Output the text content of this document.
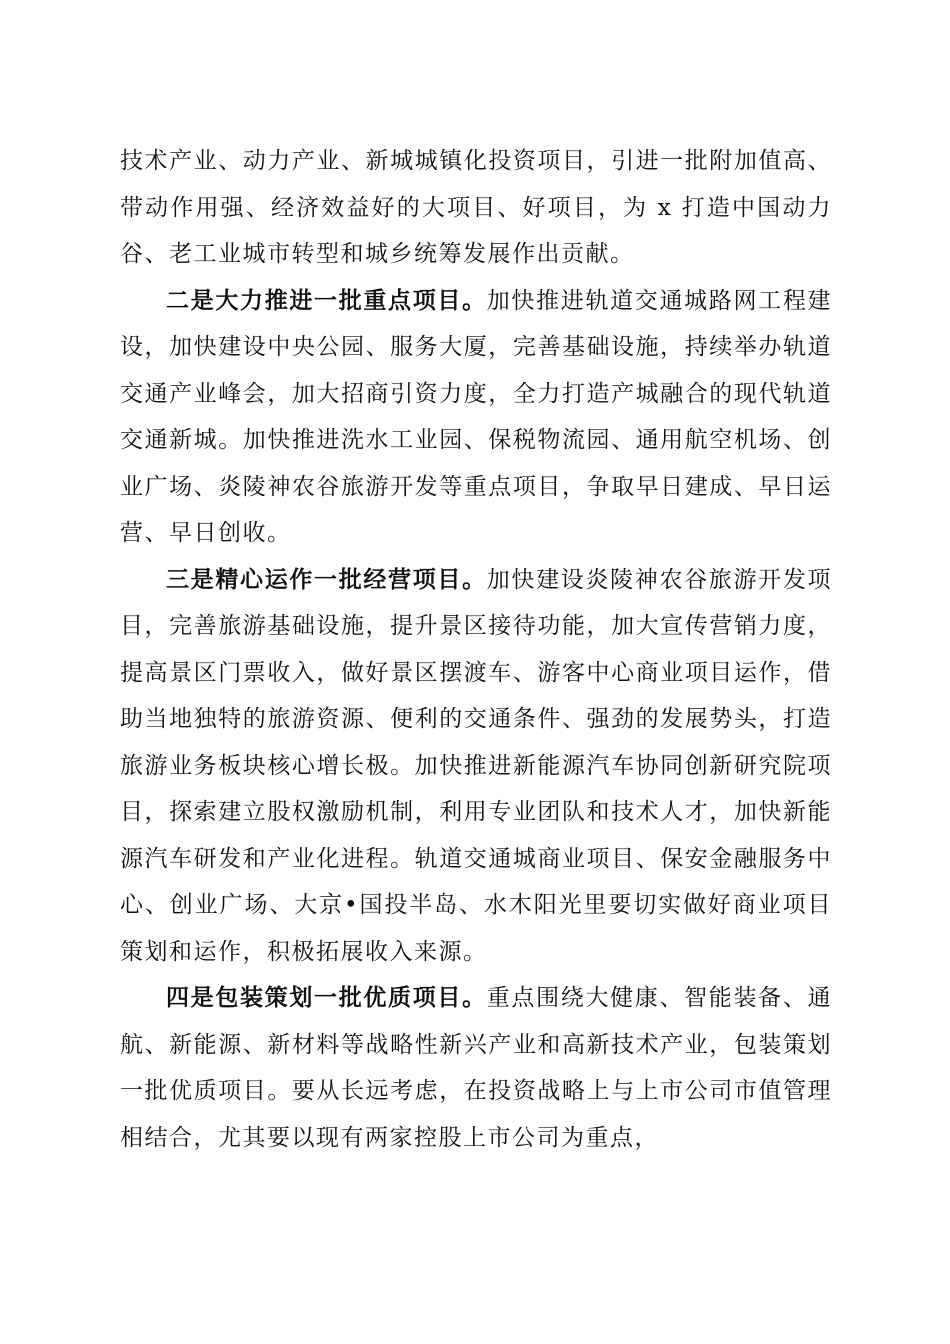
技术产业、动力产业、新城城镇化投资项目，引进一批附加值高、带动作用强、经济效益好的大项目、好项目，为 x 打造中国动力谷、老工业城市转型和城乡统筹发展作出贡献。

二是大力推进一批重点项目。加快推进轨道交通城路网工程建设，加快建设中央公园、服务大厦，完善基础设施，持续举办轨道交通产业峰会，加大招商引资力度，全力打造产城融合的现代轨道交通新城。加快推进洗水工业园、保税物流园、通用航空机场、创业广场、炎陵神农谷旅游开发等重点项目，争取早日建成、早日运营、早日创收。

三是精心运作一批经营项目。加快建设炎陵神农谷旅游开发项目，完善旅游基础设施，提升景区接待功能，加大宣传营销力度，提高景区门票收入，做好景区摆渡车、游客中心商业项目运作，借助当地独特的旅游资源、便利的交通条件、强劲的发展势头，打造旅游业务板块核心增长极。加快推进新能源汽车协同创新研究院项目，探索建立股权激励机制，利用专业团队和技术人才，加快新能源汽车研发和产业化进程。轨道交通城商业项目、保安金融服务中心、创业广场、大京•国投半岛、水木阳光里要切实做好商业项目策划和运作，积极拓展收入来源。

四是包装策划一批优质项目。重点围绕大健康、智能装备、通航、新能源、新材料等战略性新兴产业和高新技术产业，包装策划一批优质项目。要从长远考虑，在投资战略上与上市公司市值管理相结合，尤其要以现有两家控股上市公司为重点，
